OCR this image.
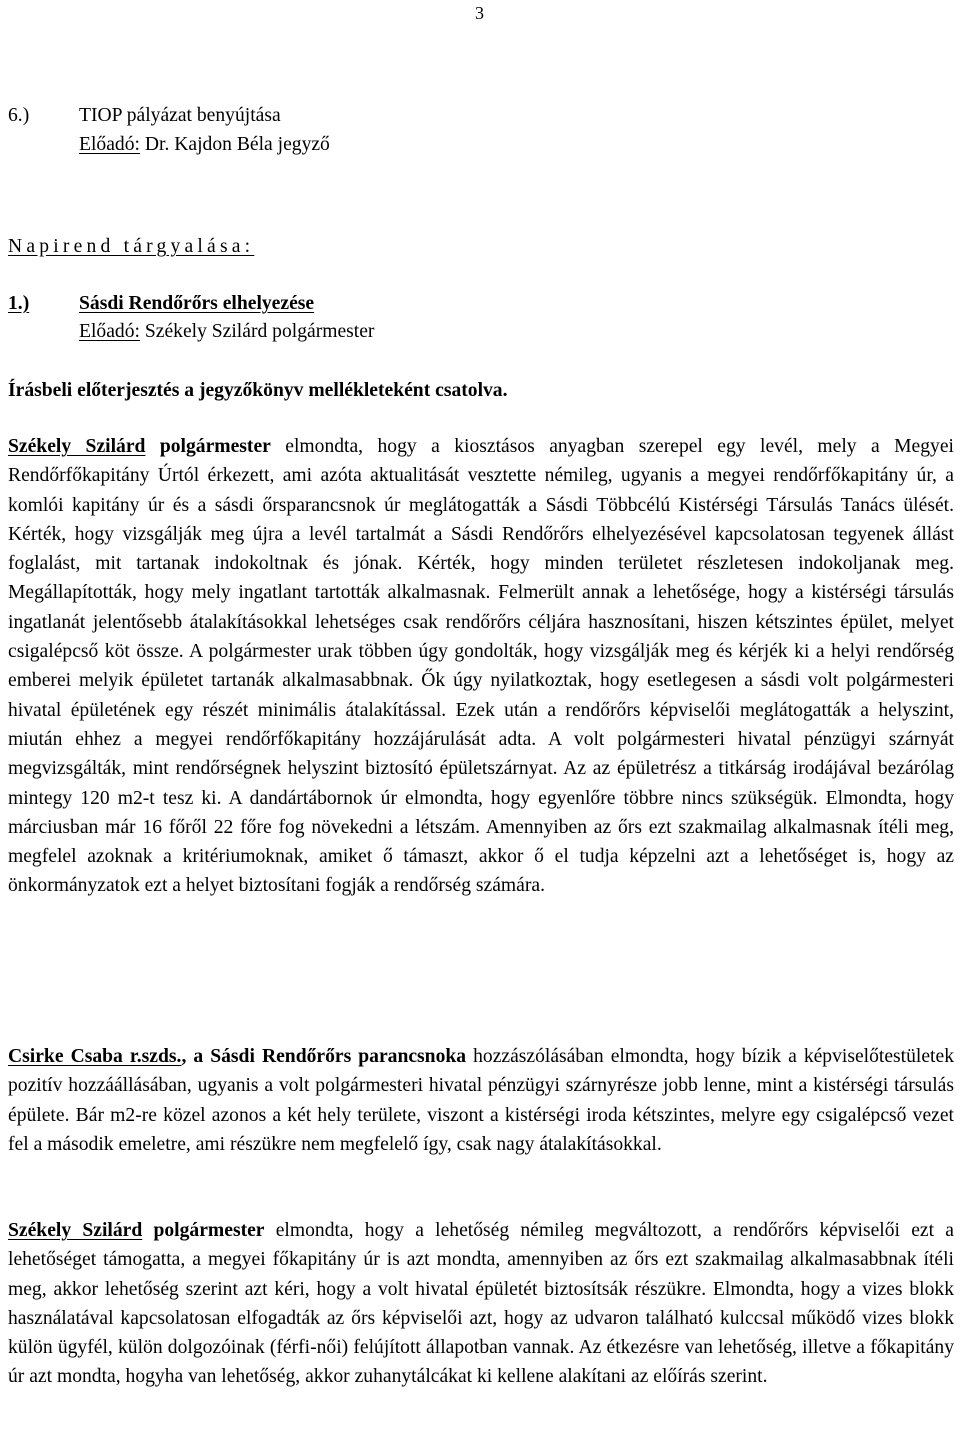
3
6.)	TIOP pályázat benyújtása
Előadó: Dr. Kajdon Béla jegyző
Napirend tárgyalása:
1.)	Sásdi Rendőrőrs elhelyezése
Előadó: Székely Szilárd polgármester
Írásbeli előterjesztés a jegyzőkönyv mellékleteként csatolva.

Székely Szilárd polgármester elmondta, hogy a kiosztásos anyagban szerepel egy levél, mely a Megyei Rendőrfőkapitány Úrtól érkezett, ami azóta aktualitását vesztette némileg, ugyanis a megyei rendőrfőkapitány úr, a komlói kapitány úr és a sásdi őrsparancsnok úr meglátogatták a Sásdi Többcélú Kistérségi Társulás Tanács ülését. Kérték, hogy vizsgálják meg újra a levél tartalmát a Sásdi Rendőrőrs elhelyezésével kapcsolatosan tegyenek állást foglalást, mit tartanak indokoltnak és jónak. Kérték, hogy minden területet részletesen indokoljanak meg. Megállapították, hogy mely ingatlant tartották alkalmasnak. Felmerült annak a lehetősége, hogy a kistérségi társulás ingatlanát jelentősebb átalakításokkal lehetséges csak rendőrőrs céljára hasznosítani, hiszen kétszintes épület, melyet csigalépcső köt össze. A polgármester urak többen úgy gondolták, hogy vizsgálják meg és kérjék ki a helyi rendőrség emberei melyik épületet tartanák alkalmasabbnak. Ők úgy nyilatkoztak, hogy esetlegesen a sásdi volt polgármesteri hivatal épületének egy részét minimális átalakítással. Ezek után a rendőrőrs képviselői meglátogatták a helyszint, miután ehhez a megyei rendőrfőkapitány hozzájárulását adta. A volt polgármesteri hivatal pénzügyi szárnyát megvizsgálták, mint rendőrségnek helyszint biztosító épületszárnyat. Az az épületrész a titkárság irodájával bezárólag mintegy 120 m2-t tesz ki. A dandártábornok úr elmondta, hogy egyenlőre többre nincs szükségük. Elmondta, hogy márciusban már 16 főről 22 főre fog növekedni a létszám. Amennyiben az őrs ezt szakmailag alkalmasnak ítéli meg, megfelel azoknak a kritériumoknak, amiket ő támaszt, akkor ő el tudja képzelni azt a lehetőséget is, hogy az önkormányzatok ezt a helyet biztosítani fogják a rendőrség számára.

Csirke Csaba r.szds., a Sásdi Rendőrőrs parancsnoka hozzászólásában elmondta, hogy bízik a képviselőtestületek pozitív hozzáállásában, ugyanis a volt polgármesteri hivatal pénzügyi szárnyrésze jobb lenne, mint a kistérségi társulás épülete. Bár m2-re közel azonos a két hely területe, viszont a kistérségi iroda kétszintes, melyre egy csigalépcső vezet fel a második emeletre, ami részükre nem megfelelő így, csak nagy átalakításokkal.

Székely Szilárd polgármester elmondta, hogy a lehetőség némileg megváltozott, a rendőrőrs képviselői ezt a lehetőséget támogatta, a megyei főkapitány úr is azt mondta, amennyiben az őrs ezt szakmailag alkalmasabbnak ítéli meg, akkor lehetőség szerint azt kéri, hogy a volt hivatal épületét biztosítsák részükre. Elmondta, hogy a vizes blokk használatával kapcsolatosan elfogadták az őrs képviselői azt, hogy az udvaron található kulccsal működő vizes blokk külön ügyfél, külön dolgozóinak (férfi-női) felújított állapotban vannak. Az étkezésre van lehetőség, illetve a főkapitány úr azt mondta, hogyha van lehetőség, akkor zuhanytálcákat ki kellene alakítani az előírás szerint.
